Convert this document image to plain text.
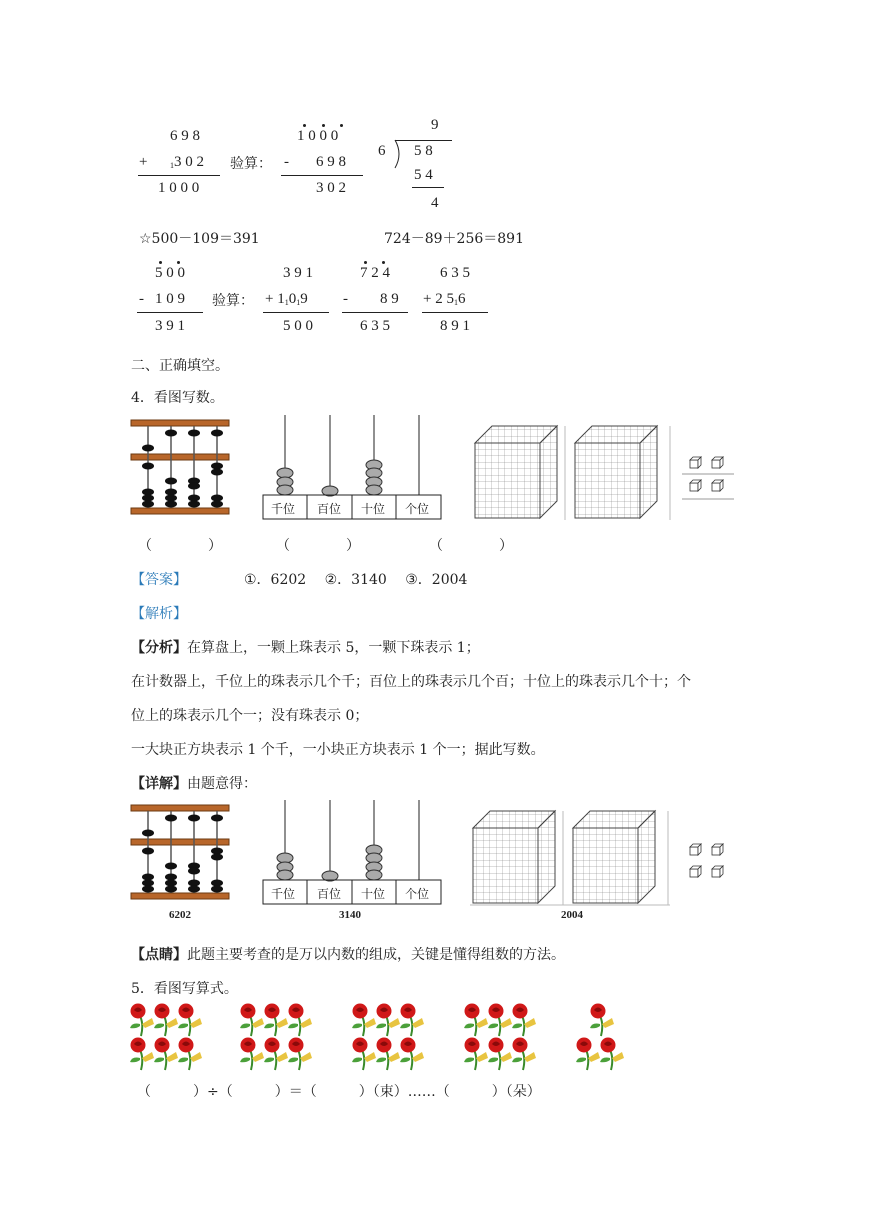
6 9 8
+	$_1$3 0 2
1 0 0 0
验算：
1 0 0 0
- 6 9 8
3 0 2
9
6 5 8
5 4
4
☆500－109＝391	724－89＋256＝891
5 0 0
- 1 0 9
3 9 1
验算：
3 9 1
+ $1_10_19$
5 0 0
7 2 4
- 8 9
6 3 5
6 3 5
+ 2 $5_16$
8 9 1
二、正确填空。
4．看图写数。
千位 百位 十位 个位
（　　　　）	（　　　　）	（　　　　）
【答案】	①．6202　 ②．3140　 ③．2004
【解析】
【分析】在算盘上，一颗上珠表示 5，一颗下珠表示 1；
在计数器上，千位上的珠表示几个千；百位上的珠表示几个百；十位上的珠表示几个十；个
位上的珠表示几个一；没有珠表示 0；
一大块正方块表示 1 个千，一小块正方块表示 1 个一；据此写数。
【详解】由题意得：
6202
千位 百位 十位 个位
3140	2004
【点睛】此题主要考查的是万以内数的组成，关键是懂得组数的方法。
5．看图写算式。
（　　　）÷（　　　）＝（　　　）（束）……（　　　）（朵）
